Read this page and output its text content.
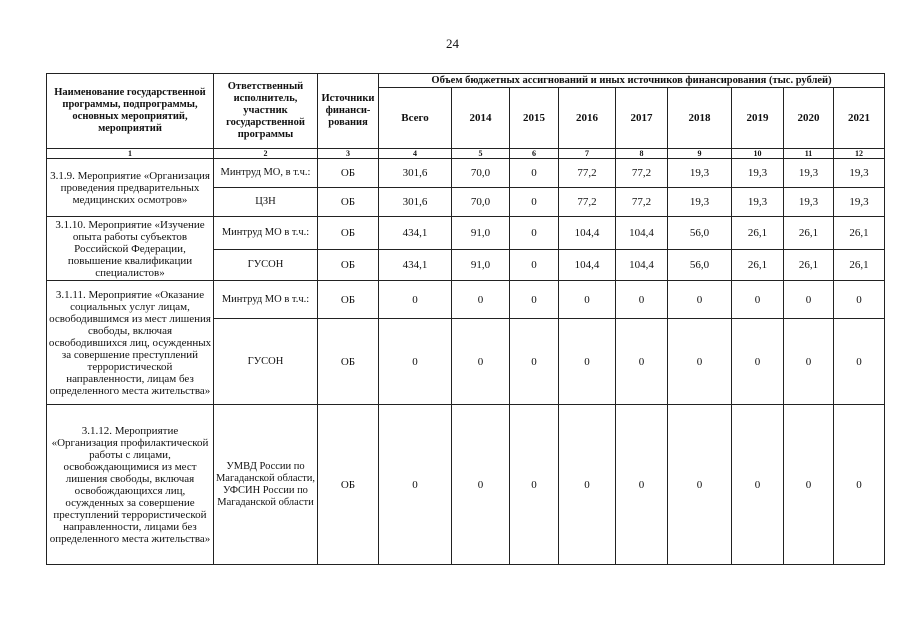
24
Наименование государственной программы, подпрограммы, основных мероприятий, мероприятий	Ответственный исполнитель, участник государственной программы	Источники финанси-рования	Объем бюджетных ассигнований и иных источников финансирования (тыс. рублей)								
			Всего	2014	2015	2016	2017	2018	2019	2020	2021
1	2	3	4	5	6	7	8	9	10	11	12
3.1.9. Мероприятие «Организация проведения предварительных медицинских осмотров»	Минтруд МО, в т.ч.:	ОБ	301,6	70,0	0	77,2	77,2	19,3	19,3	19,3	19,3
	ЦЗН	ОБ	301,6	70,0	0	77,2	77,2	19,3	19,3	19,3	19,3
3.1.10. Мероприятие «Изучение опыта работы субъектов Российской Федерации, повышение квалификации специалистов»	Минтруд МО в т.ч.:	ОБ	434,1	91,0	0	104,4	104,4	56,0	26,1	26,1	26,1
	ГУСОН	ОБ	434,1	91,0	0	104,4	104,4	56,0	26,1	26,1	26,1
3.1.11. Мероприятие «Оказание социальных услуг лицам, освободившимся из мест лишения свободы, включая освободившихся лиц, осужденных за совершение преступлений террористической направленности, лицам без определенного места жительства»	Минтруд МО в т.ч.:	ОБ	0	0	0	0	0	0	0	0	0
	ГУСОН	ОБ	0	0	0	0	0	0	0	0	0
3.1.12. Мероприятие «Организация профилактической работы с лицами, освобождающимися из мест лишения свободы, включая освобождающихся лиц, осужденных за совершение преступлений террористической направленности, лицами без определенного места жительства»	УМВД России по Магаданской области, УФСИН России по Магаданской области	ОБ	0	0	0	0	0	0	0	0	0
